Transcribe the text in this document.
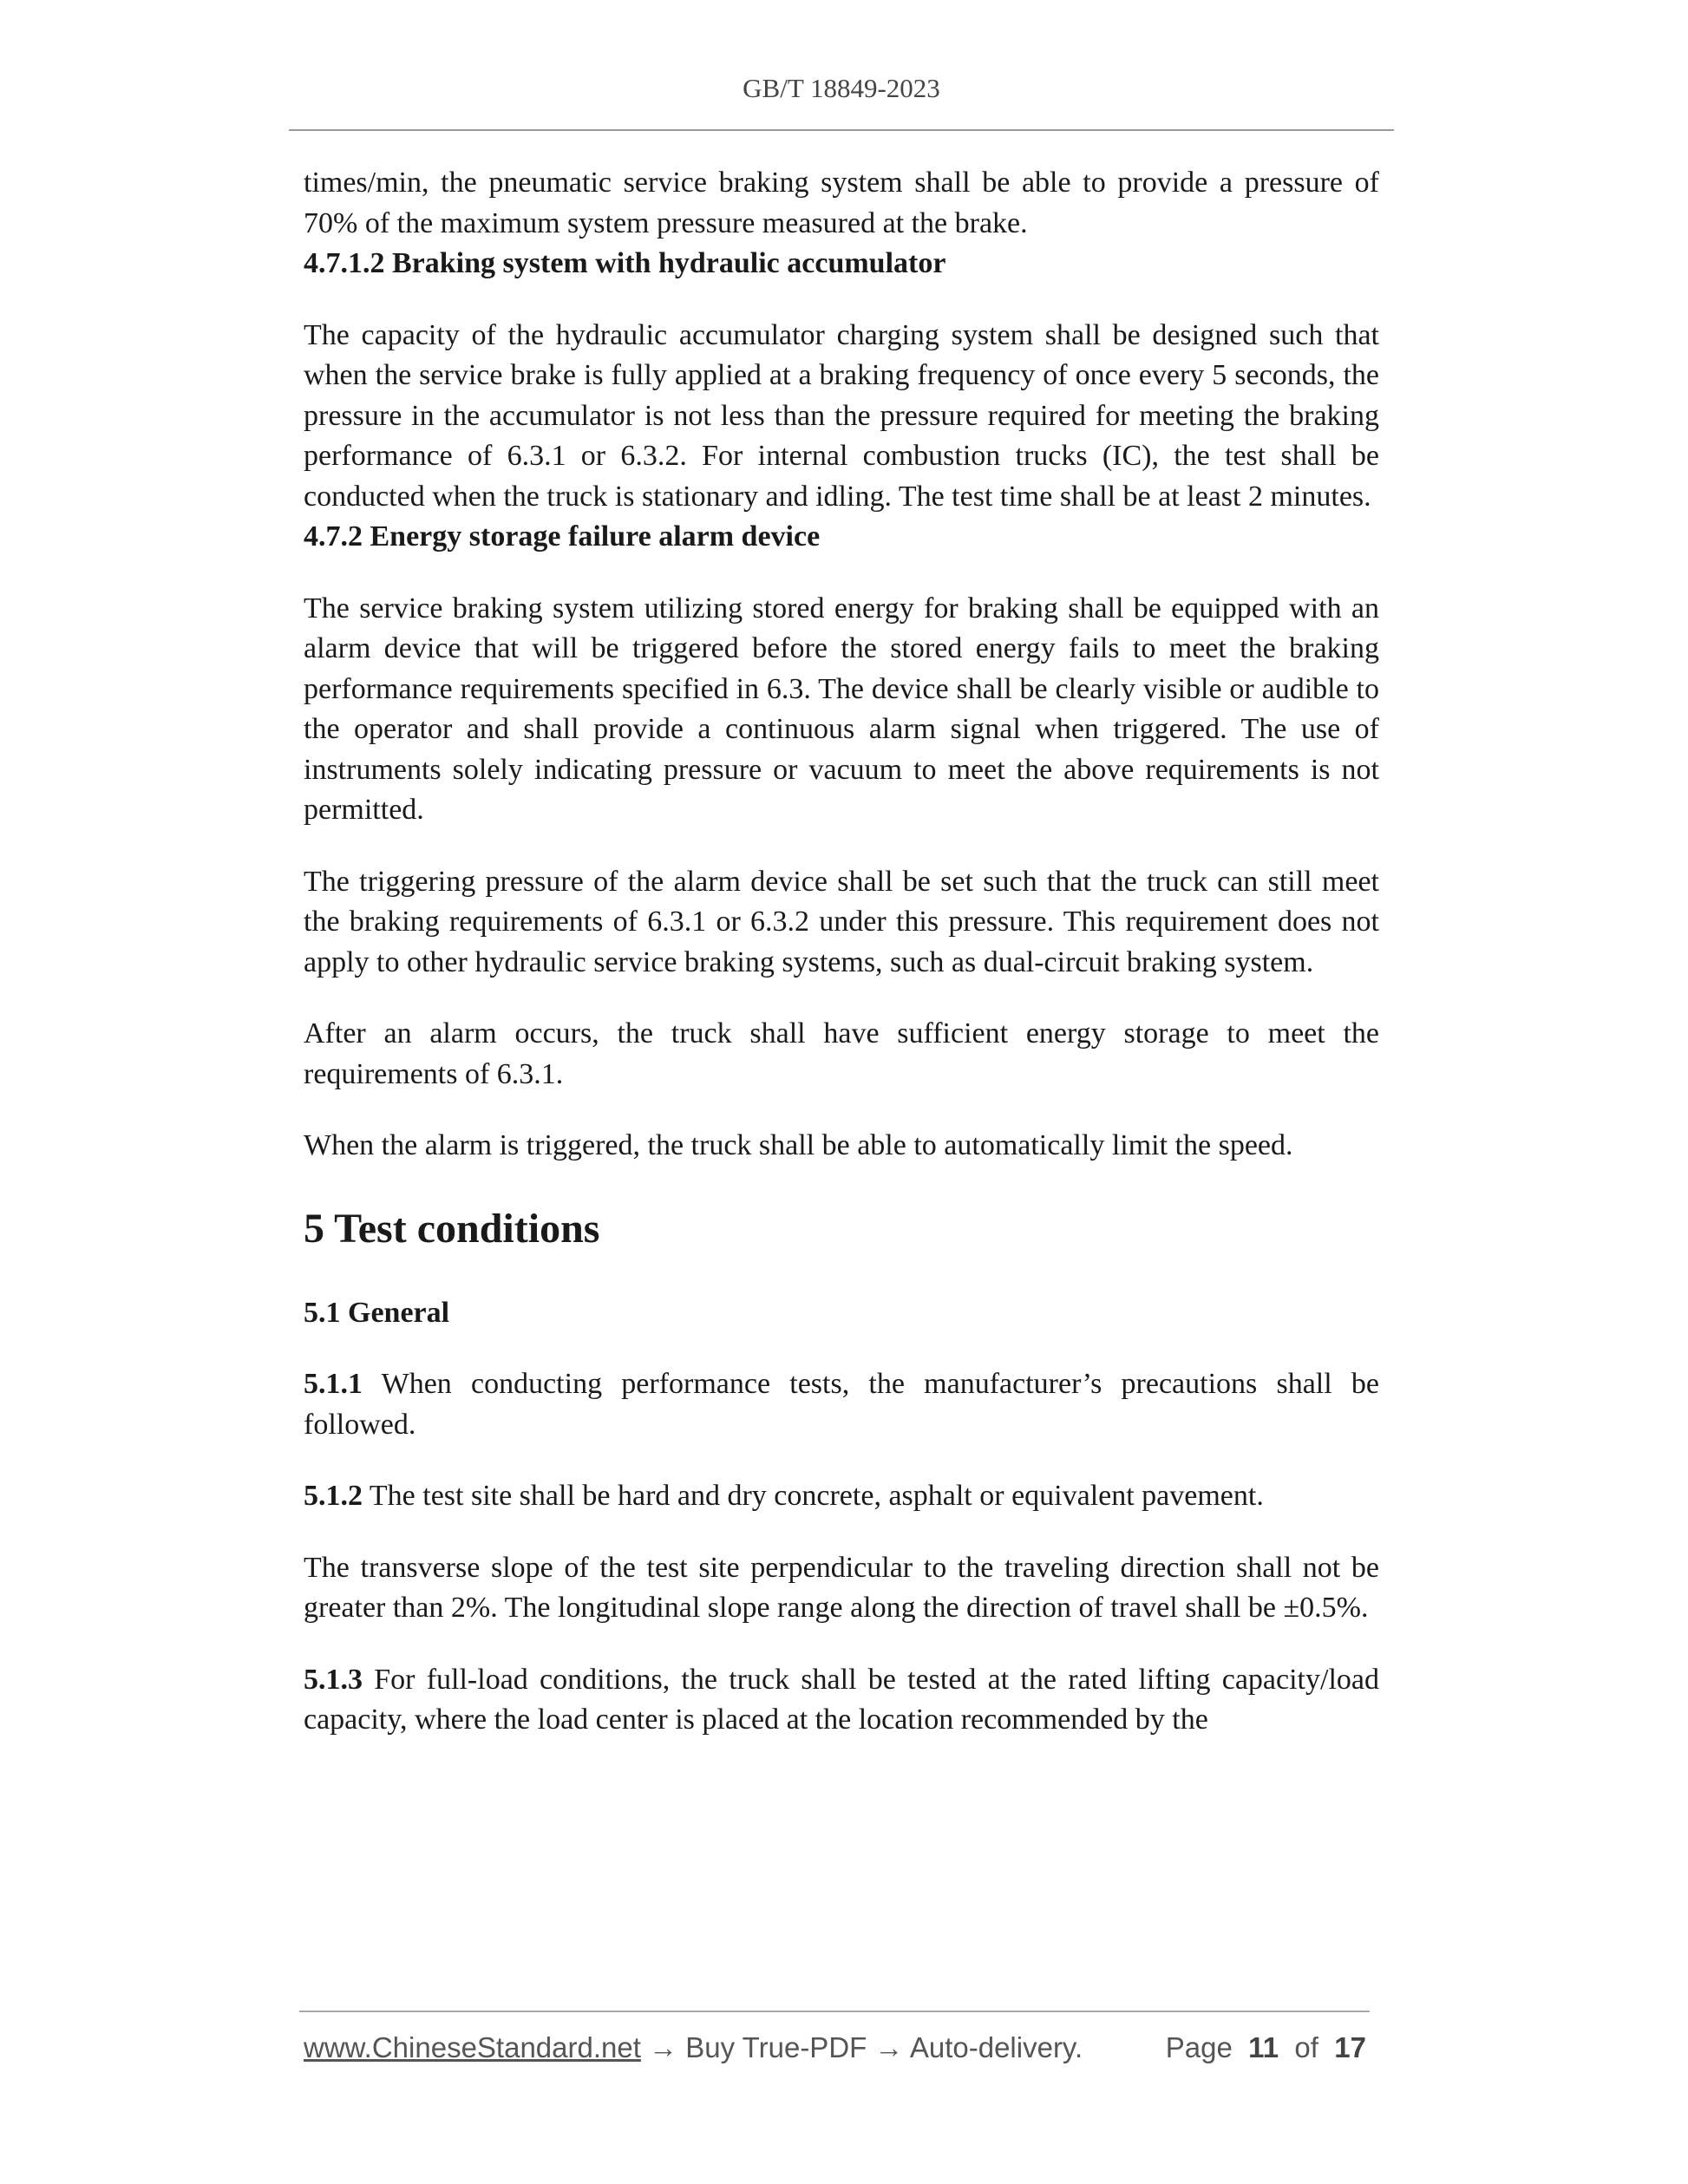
GB/T 18849-2023

times/min, the pneumatic service braking system shall be able to provide a pressure of 70% of the maximum system pressure measured at the brake.

4.7.1.2 Braking system with hydraulic accumulator

The capacity of the hydraulic accumulator charging system shall be designed such that when the service brake is fully applied at a braking frequency of once every 5 seconds, the pressure in the accumulator is not less than the pressure required for meeting the braking performance of 6.3.1 or 6.3.2. For internal combustion trucks (IC), the test shall be conducted when the truck is stationary and idling. The test time shall be at least 2 minutes.

4.7.2 Energy storage failure alarm device

The service braking system utilizing stored energy for braking shall be equipped with an alarm device that will be triggered before the stored energy fails to meet the braking performance requirements specified in 6.3. The device shall be clearly visible or audible to the operator and shall provide a continuous alarm signal when triggered. The use of instruments solely indicating pressure or vacuum to meet the above requirements is not permitted.

The triggering pressure of the alarm device shall be set such that the truck can still meet the braking requirements of 6.3.1 or 6.3.2 under this pressure. This requirement does not apply to other hydraulic service braking systems, such as dual-circuit braking system.

After an alarm occurs, the truck shall have sufficient energy storage to meet the requirements of 6.3.1.

When the alarm is triggered, the truck shall be able to automatically limit the speed.

5 Test conditions
5.1 General

5.1.1 When conducting performance tests, the manufacturer’s precautions shall be followed.

5.1.2 The test site shall be hard and dry concrete, asphalt or equivalent pavement.

The transverse slope of the test site perpendicular to the traveling direction shall not be greater than 2%. The longitudinal slope range along the direction of travel shall be ±0.5%.

5.1.3 For full-load conditions, the truck shall be tested at the rated lifting capacity/load capacity, where the load center is placed at the location recommended by the

www.ChineseStandard.net → Buy True-PDF → Auto-delivery.	Page 11 of 17
